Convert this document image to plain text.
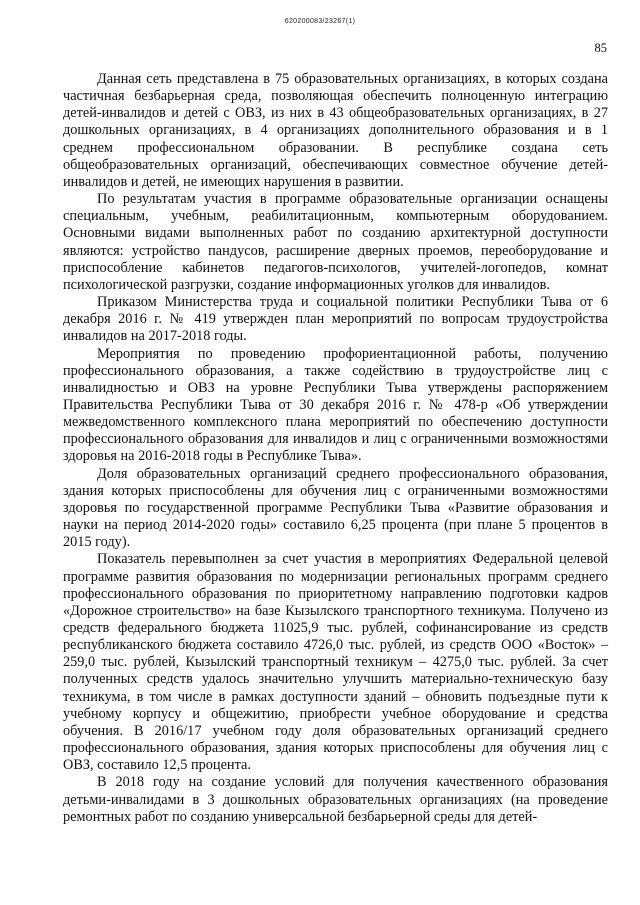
620200083/23267(1)
85

Данная сеть представлена в 75 образовательных организациях, в которых создана частичная безбарьерная среда, позволяющая обеспечить полноценную интеграцию детей-инвалидов и детей с ОВЗ, из них в 43 общеобразовательных организациях, в 27 дошкольных организациях, в 4 организациях дополнительного образования и в 1 среднем профессиональном образовании. В республике создана сеть общеобразовательных организаций, обеспечивающих совместное обучение детей-инвалидов и детей, не имеющих нарушения в развитии.

По результатам участия в программе образовательные организации оснащены специальным, учебным, реабилитационным, компьютерным оборудованием. Основными видами выполненных работ по созданию архитектурной доступности являются: устройство пандусов, расширение дверных проемов, переоборудование и приспособление кабинетов педагогов-психологов, учителей-логопедов, комнат психологической разгрузки, создание информационных уголков для инвалидов.

Приказом Министерства труда и социальной политики Республики Тыва от 6 декабря 2016 г. № 419 утвержден план мероприятий по вопросам трудоустройства инвалидов на 2017-2018 годы.

Мероприятия по проведению профориентационной работы, получению профессионального образования, а также содействию в трудоустройстве лиц с инвалидностью и ОВЗ на уровне Республики Тыва утверждены распоряжением Правительства Республики Тыва от 30 декабря 2016 г. № 478-р «Об утверждении межведомственного комплексного плана мероприятий по обеспечению доступности профессионального образования для инвалидов и лиц с ограниченными возможностями здоровья на 2016-2018 годы в Республике Тыва».

Доля образовательных организаций среднего профессионального образования, здания которых приспособлены для обучения лиц с ограниченными возможностями здоровья по государственной программе Республики Тыва «Развитие образования и науки на период 2014-2020 годы» составило 6,25 процента (при плане 5 процентов в 2015 году).

Показатель перевыполнен за счет участия в мероприятиях Федеральной целевой программе развития образования по модернизации региональных программ среднего профессионального образования по приоритетному направлению подготовки кадров «Дорожное строительство» на базе Кызылского транспортного техникума. Получено из средств федерального бюджета 11025,9 тыс. рублей, софинансирование из средств республиканского бюджета составило 4726,0 тыс. рублей, из средств ООО «Восток» – 259,0 тыс. рублей, Кызылский транспортный техникум – 4275,0 тыс. рублей. За счет полученных средств удалось значительно улучшить материально-техническую базу техникума, в том числе в рамках доступности зданий – обновить подъездные пути к учебному корпусу и общежитию, приобрести учебное оборудование и средства обучения. В 2016/17 учебном году доля образовательных организаций среднего профессионального образования, здания которых приспособлены для обучения лиц с ОВЗ, составило 12,5 процента.

В 2018 году на создание условий для получения качественного образования детьми-инвалидами в 3 дошкольных образовательных организациях (на проведение ремонтных работ по созданию универсальной безбарьерной среды для детей-
